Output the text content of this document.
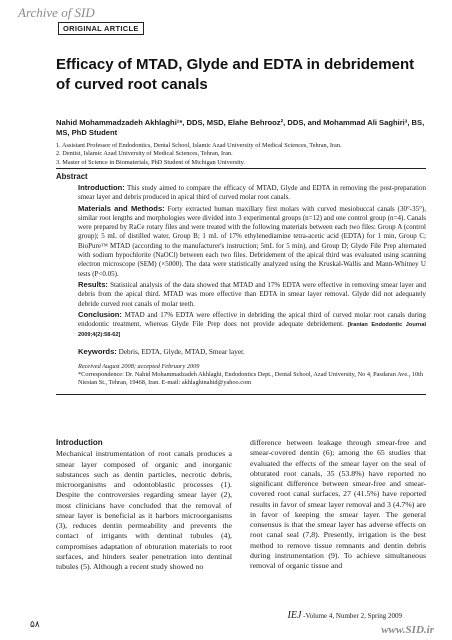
Archive of SID
ORIGINAL ARTICLE
Efficacy of MTAD, Glyde and EDTA in debridement of curved root canals
Nahid Mohammadzadeh Akhlaghi¹*, DDS, MSD, Elahe Behrooz², DDS, and Mohammad Ali Saghiri³, BS, MS, PhD Student
1. Assistant Professor of Endodontics, Dental School, Islamic Azad University of Medical Sciences, Tehran, Iran.
2. Dentist, Islamic Azad University of Medical Sciences, Tehran, Iran.
3. Master of Science in Biomaterials, PhD Student of Michigan University.
Abstract

Introduction: This study aimed to compare the efficacy of MTAD, Glyde and EDTA in removing the post-preparation smear layer and debris produced in apical third of curved molar root canals.

Materials and Methods: Forty extracted human maxillary first molars with curved mesiobuccal canals (30°-35°), similar root lengths and morphologies were divided into 3 experimental groups (n=12) and one control group (n=4). Canals were prepared by RaCe rotary files and were treated with the following materials between each two files: Group A (control group); 5 mL of distilled water, Group B; 1 mL of 17% ethylenediamine tetra-acetic acid (EDTA) for 1 min, Group C; BioPure™ MTAD (according to the manufacturer's instruction; 5mL for 5 min), and Group D; Glyde File Prep alternated with sodium hypochlorite (NaOCl) between each two files. Debridement of the apical third was evaluated using scanning electron microscope (SEM) (×5000). The data were statistically analyzed using the Kruskal-Wallis and Mann-Whitney U tests (P<0.05).

Results: Statistical analysis of the data showed that MTAD and 17% EDTA were effective in removing smear layer and debris from the apical third. MTAD was more effective than EDTA in smear layer removal. Glyde did not adequately debride curved root canals of molar teeth.

Conclusion: MTAD and 17% EDTA were effective in debriding the apical third of curved molar root canals during endodontic treatment, whereas Glyde File Prep does not provide adequate debridement. [Iranian Endodontic Journal 2009;4(2):58-62]

Keywords: Debris, EDTA, Glyde, MTAD, Smear layer.

Received August 2008; accepted February 2009
*Correspondence: Dr. Nahid Mohammadzadeh Akhlaghi, Endodontics Dept., Dental School, Azad University, No 4, Pasdaran Ave., 10th Niestan St., Tehran, 19468, Iran. E-mail: akhlaghinahid@yahoo.com
Introduction

Mechanical instrumentation of root canals produces a smear layer composed of organic and inorganic substances such as dentin particles, necrotic debris, microorganisms and odontoblastic processes (1). Despite the controversies regarding smear layer (2), most clinicians have concluded that the removal of smear layer is beneficial as it harbors microorganisms (3), reduces dentin permeability and prevents the contact of irrigants with dentinal tubules (4), compromises adaptation of obturation materials to root surfaces, and hinders sealer penetration into dentinal tubules (5). Although a recent study showed no

difference between leakage through smear-free and smear-covered dentin (6); among the 65 studies that evaluated the effects of the smear layer on the seal of obturated root canals, 35 (53.8%) have reported no significant difference between smear-free and smear-covered root canal surfaces, 27 (41.5%) have reported results in favor of smear layer removal and 3 (4.7%) are in favor of keeping the smear layer. The general consensus is that the smear layer has adverse effects on root canal seal (7,8). Presently, irrigation is the best method to remove tissue remnants and dentin debris during instrumentation (9). To achieve simultaneous removal of organic tissue and

۵۸
IEJ -Volume 4, Number 2, Spring 2009
www.SID.ir
